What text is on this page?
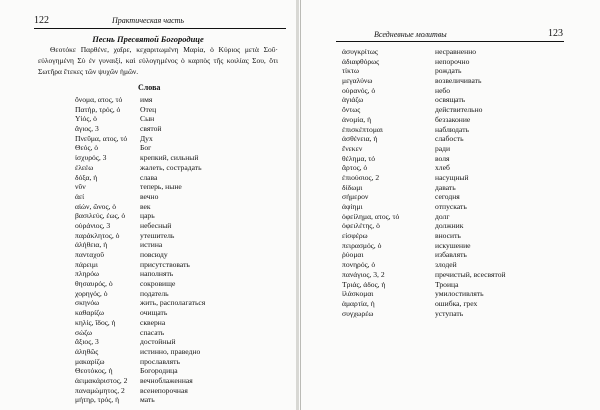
122	Практическая часть
Песнь Пресвятой Богородице

Θεοτόκε Παρθένε, χαῖρε, κεχαριτωμένη Μαρία, ὁ Κύριος μετὰ Σοῦ· εὐλογημένη Σὺ ἐν γυναιξί, καὶ εὐλογημένος ὁ καρπὸς τῆς κοιλίας Σου, ὅτι Σωτῆρα ἔτεκες τῶν ψυχῶν ἡμῶν.

Слова
ὄνομα, ατος, τό имя
Πατήρ, τρός, ὁ	Отец
Υἱός, ὁ	Сын
ἅγιος, 3	святой
Πνεῦμα, ατος, τό Дух
Θεός, ὁ	Бог
ἰσχυρός, 3	крепкий, сильный
ἐλεέω	жалеть, сострадать
δόξα, ἡ	слава
νῦν	теперь, ныне
ἀεί	вечно
αἰών, ῶνος, ὁ	век
βασιλεύς, έως, ὁ царь
οὐράνιος, 3	небесный
παράκλητος, ὁ	утешитель
ἀλήθεια, ἡ	истина
πανταχοῦ	повсюду
πάρειμι	присутствовать
πληρόω	наполнять
θησαυρός, ὁ	сокровище
χορηγός, ὁ	податель
σκηνόω	жить, располагаться
καθαρίζω	очищать
κηλίς, ῖδος, ἡ	скверна
σώζω	спасать
ἄξιος, 3	достойный
ἀληθῶς	истинно, праведно
μακαρίζω	прославлять
Θεοτόκος, ἡ	Богородица
ἀειμακάριστος, 2 вечноблаженная
παναμώμητος, 2 всенепорочная
μήτηρ, τρός, ἡ	мать
Вседневные молитвы	123
ἀσυγκρίτως	несравненно
ἀδιαφθόρως	непорочно
τίκτω	рождать
μεγαλύνω	возвеличивать
οὐρανός, ὁ	небо
ἁγιάζω	освящать
ὄντως	действительно
ἀνομία, ἡ	беззаконие
ἐπισκέπτομαι	наблюдать
ἀσθένεια, ἡ	слабость
ἕνεκεν	ради
θέλημα, τό	воля
ἄρτος, ὁ	хлеб
ἐπιούσιος, 2	насущный
δίδωμι	давать
σήμερον	сегодня
ἀφίημι	отпускать
ὀφείλημα, ατος, τό	долг
ὀφειλέτης, ὁ	должник
εἰσφέρω	вносить
πειρασμός, ὁ	искушение
ῥύομαι	избавлять
πονηρός, ὁ	злодей
πανάγιος, 3, 2	пречистый, всесвятой
Τριάς, άδος, ἡ	Троица
ἱλάσκομαι	умилостивлять
ἁμαρτία, ἡ	ошибка, грех
συγχωρέω	уступать
